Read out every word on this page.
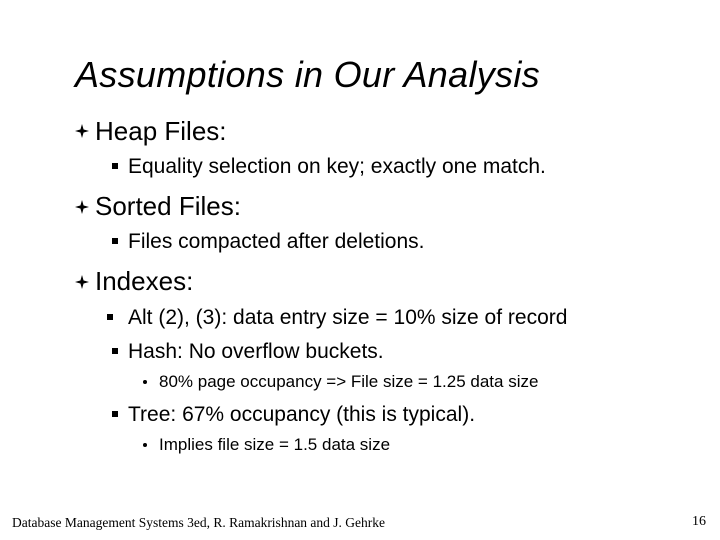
Assumptions in Our Analysis
Heap Files:
Equality selection on key; exactly one match.
Sorted Files:
Files compacted after deletions.
Indexes:
Alt (2), (3): data entry size = 10% size of record
Hash: No overflow buckets.
80% page occupancy => File size = 1.25 data size
Tree: 67% occupancy (this is typical).
Implies file size = 1.5 data size
Database Management Systems 3ed, R. Ramakrishnan and J. Gehrke	16
